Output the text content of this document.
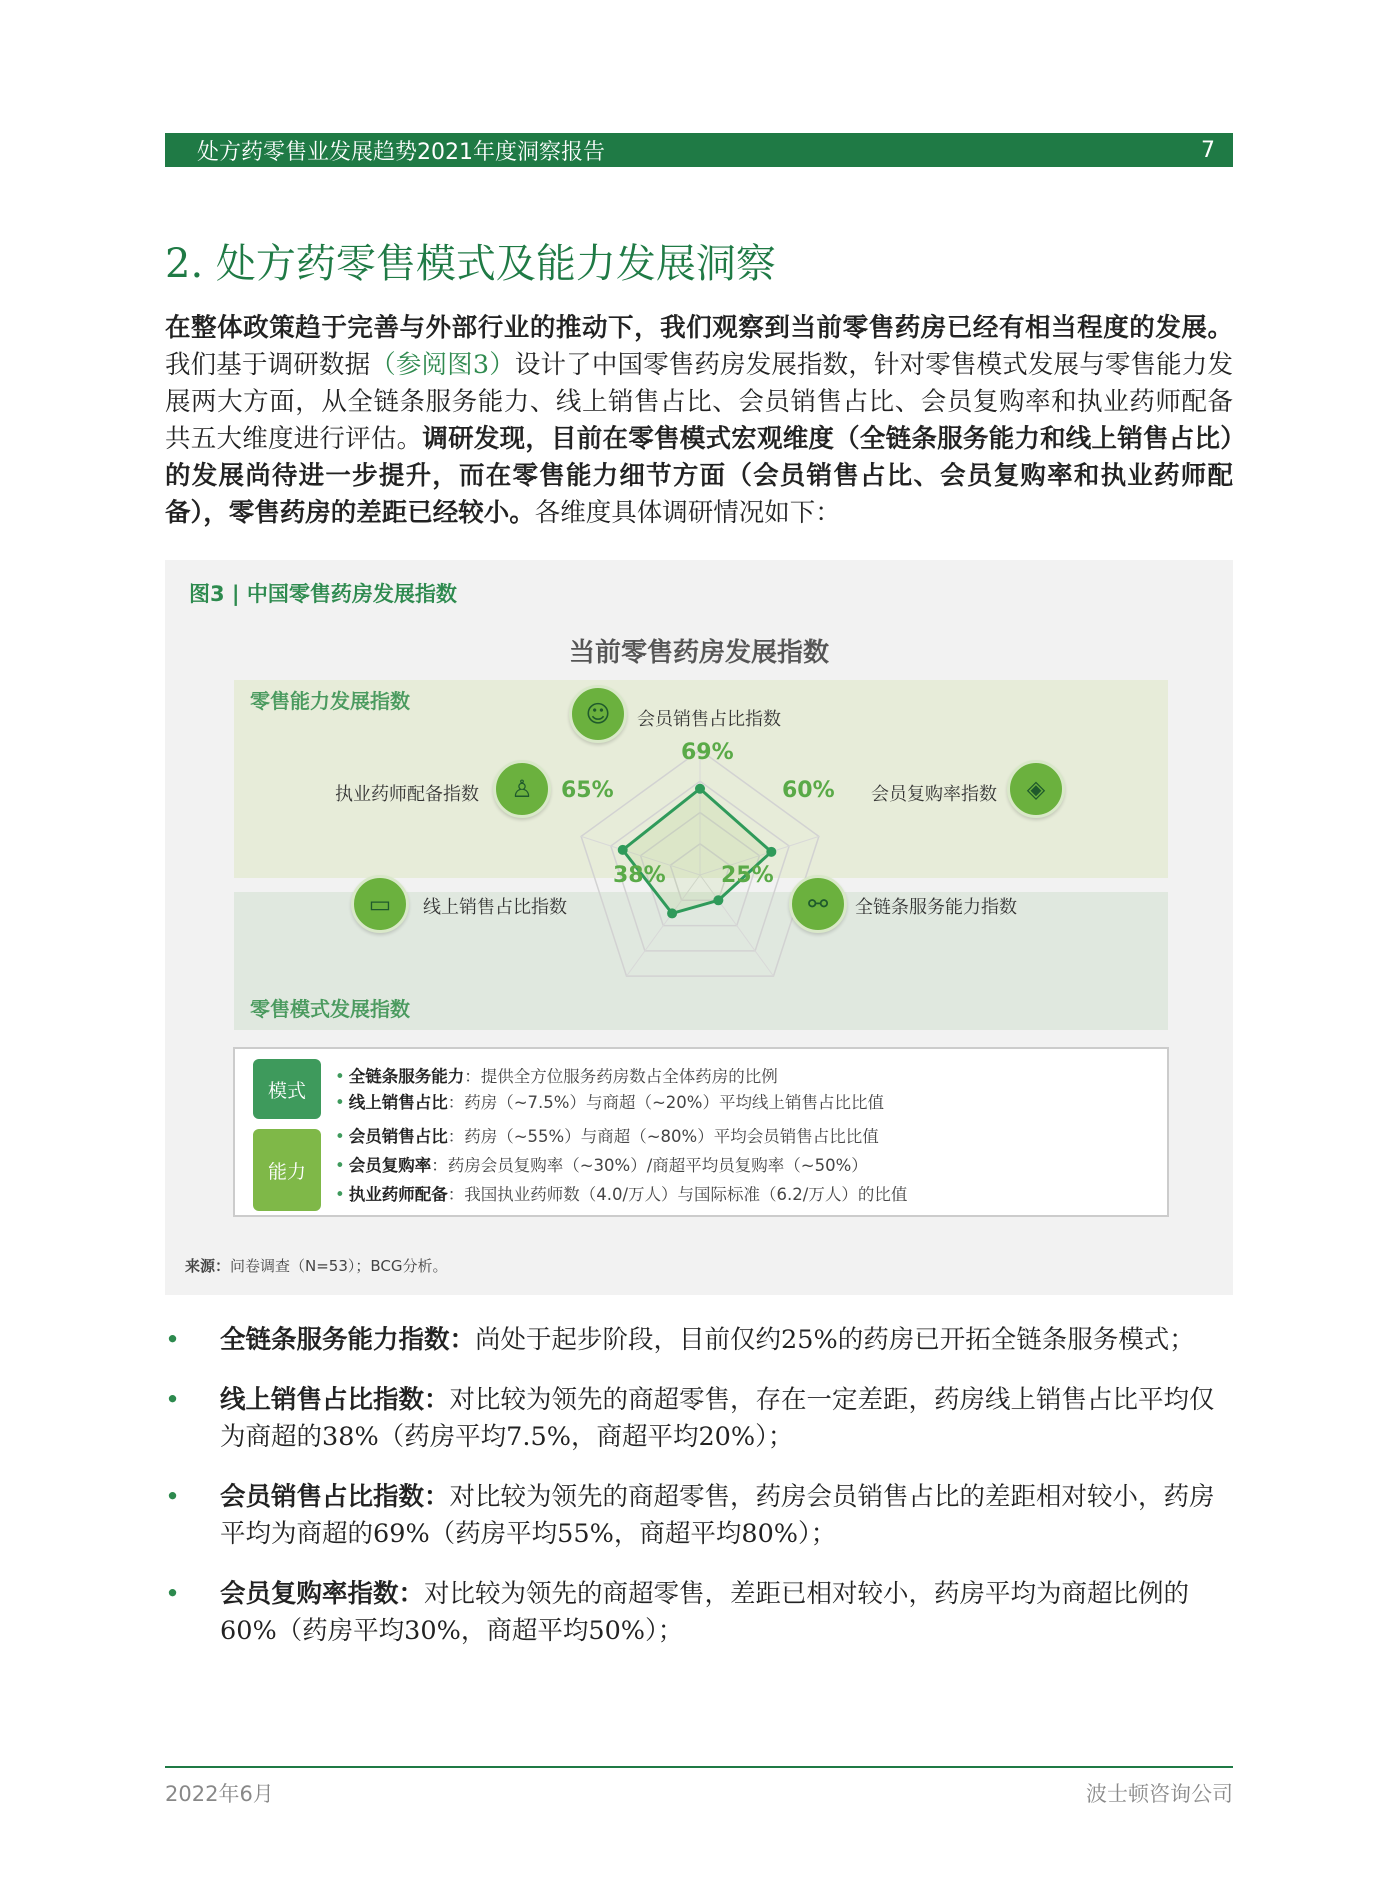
处方药零售业发展趋势2021年度洞察报告	7
2. 处方药零售模式及能力发展洞察

在整体政策趋于完善与外部行业的推动下，我们观察到当前零售药房已经有相当程度的发展。我们基于调研数据（参阅图3）设计了中国零售药房发展指数，针对零售模式发展与零售能力发展两大方面，从全链条服务能力、线上销售占比、会员销售占比、会员复购率和执业药师配备共五大维度进行评估。调研发现，目前在零售模式宏观维度（全链条服务能力和线上销售占比）的发展尚待进一步提升，而在零售能力细节方面（会员销售占比、会员复购率和执业药师配备），零售药房的差距已经较小。各维度具体调研情况如下：

图3 | 中国零售药房发展指数
当前零售药房发展指数
零售能力发展指数
零售模式发展指数
☺ 会员销售占比指数
69%
◈
会员复购率指数
60%
♙
执业药师配备指数	65%
▭ 线上销售占比指数
38%
⚯ 全链条服务能力指数
25%
模式
能力
• 全链条服务能力：提供全方位服务药房数占全体药房的比例
• 线上销售占比：药房（~7.5%）与商超（~20%）平均线上销售占比比值
• 会员销售占比：药房（~55%）与商超（~80%）平均会员销售占比比值
• 会员复购率：药房会员复购率（~30%）/商超平均员复购率（~50%）
• 执业药师配备：我国执业药师数（4.0/万人）与国际标准（6.2/万人）的比值
来源：问卷调查（N=53）；BCG分析。
• 全链条服务能力指数：尚处于起步阶段，目前仅约25%的药房已开拓全链条服务模式；
• 线上销售占比指数：对比较为领先的商超零售，存在一定差距，药房线上销售占比平均仅为商超的38%（药房平均7.5%，商超平均20%）；
• 会员销售占比指数：对比较为领先的商超零售，药房会员销售占比的差距相对较小，药房平均为商超的69%（药房平均55%，商超平均80%）；
• 会员复购率指数：对比较为领先的商超零售，差距已相对较小，药房平均为商超比例的60%（药房平均30%，商超平均50%）；
2022年6月	波士顿咨询公司
